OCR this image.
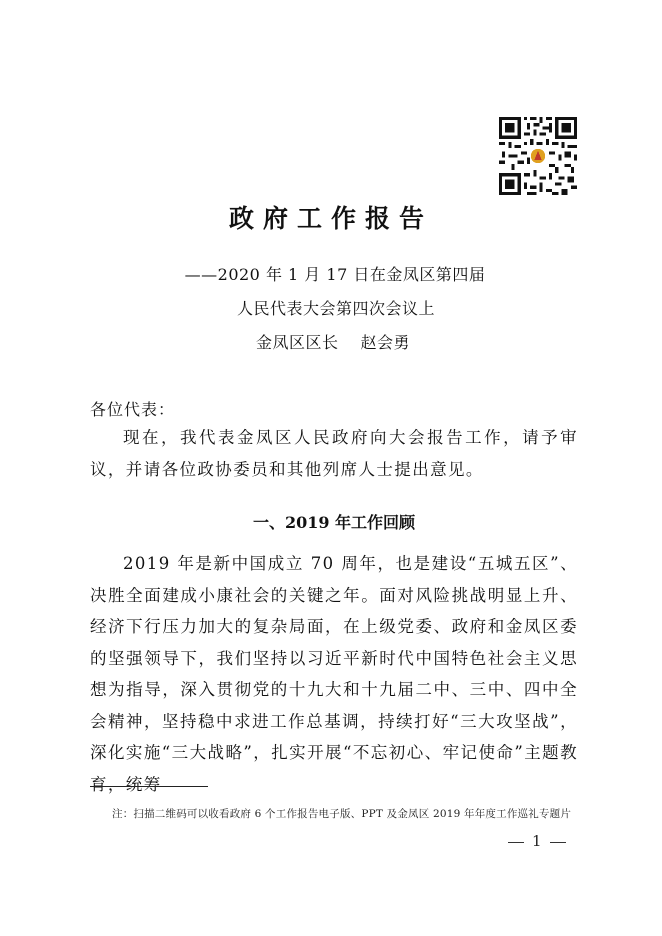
政府工作报告
——2020 年 1 月 17 日在金凤区第四届
人民代表大会第四次会议上
金凤区区长 赵会勇
各位代表：

现在，我代表金凤区人民政府向大会报告工作，请予审议，并请各位政协委员和其他列席人士提出意见。

一、2019 年工作回顾

2019 年是新中国成立 70 周年，也是建设“五城五区”、决胜全面建成小康社会的关键之年。面对风险挑战明显上升、经济下行压力加大的复杂局面，在上级党委、政府和金凤区委的坚强领导下，我们坚持以习近平新时代中国特色社会主义思想为指导，深入贯彻党的十九大和十九届二中、三中、四中全会精神，坚持稳中求进工作总基调，持续打好“三大攻坚战”，深化实施“三大战略”，扎实开展“不忘初心、牢记使命”主题教育，统筹

注：扫描二维码可以收看政府 6 个工作报告电子版、PPT 及金凤区 2019 年年度工作巡礼专题片
1
